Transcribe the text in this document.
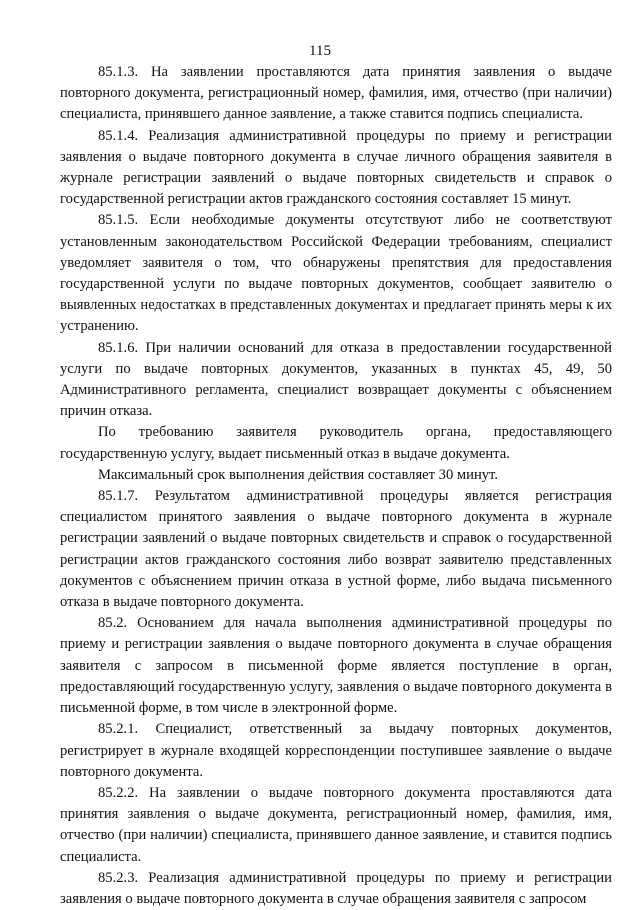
115

85.1.3. На заявлении проставляются дата принятия заявления о выдаче повторного документа, регистрационный номер, фамилия, имя, отчество (при наличии) специалиста, принявшего данное заявление, а также ставится подпись специалиста.

85.1.4. Реализация административной процедуры по приему и регистрации заявления о выдаче повторного документа в случае личного обращения заявителя в журнале регистрации заявлений о выдаче повторных свидетельств и справок о государственной регистрации актов гражданского состояния составляет 15 минут.

85.1.5. Если необходимые документы отсутствуют либо не соответствуют установленным законодательством Российской Федерации требованиям, специалист уведомляет заявителя о том, что обнаружены препятствия для предоставления государственной услуги по выдаче повторных документов, сообщает заявителю о выявленных недостатках в представленных документах и предлагает принять меры к их устранению.

85.1.6. При наличии оснований для отказа в предоставлении государственной услуги по выдаче повторных документов, указанных в пунктах 45, 49, 50 Административного регламента, специалист возвращает документы с объяснением причин отказа.

По требованию заявителя руководитель органа, предоставляющего государственную услугу, выдает письменный отказ в выдаче документа.

Максимальный срок выполнения действия составляет 30 минут.

85.1.7. Результатом административной процедуры является регистрация специалистом принятого заявления о выдаче повторного документа в журнале регистрации заявлений о выдаче повторных свидетельств и справок о государственной регистрации актов гражданского состояния либо возврат заявителю представленных документов с объяснением причин отказа в устной форме, либо выдача письменного отказа в выдаче повторного документа.

85.2. Основанием для начала выполнения административной процедуры по приему и регистрации заявления о выдаче повторного документа в случае обращения заявителя с запросом в письменной форме является поступление в орган, предоставляющий государственную услугу, заявления о выдаче повторного документа в письменной форме, в том числе в электронной форме.

85.2.1. Специалист, ответственный за выдачу повторных документов, регистрирует в журнале входящей корреспонденции поступившее заявление о выдаче повторного документа.

85.2.2. На заявлении о выдаче повторного документа проставляются дата принятия заявления о выдаче документа, регистрационный номер, фамилия, имя, отчество (при наличии) специалиста, принявшего данное заявление, и ставится подпись специалиста.

85.2.3. Реализация административной процедуры по приему и регистрации заявления о выдаче повторного документа в случае обращения заявителя с запросом
